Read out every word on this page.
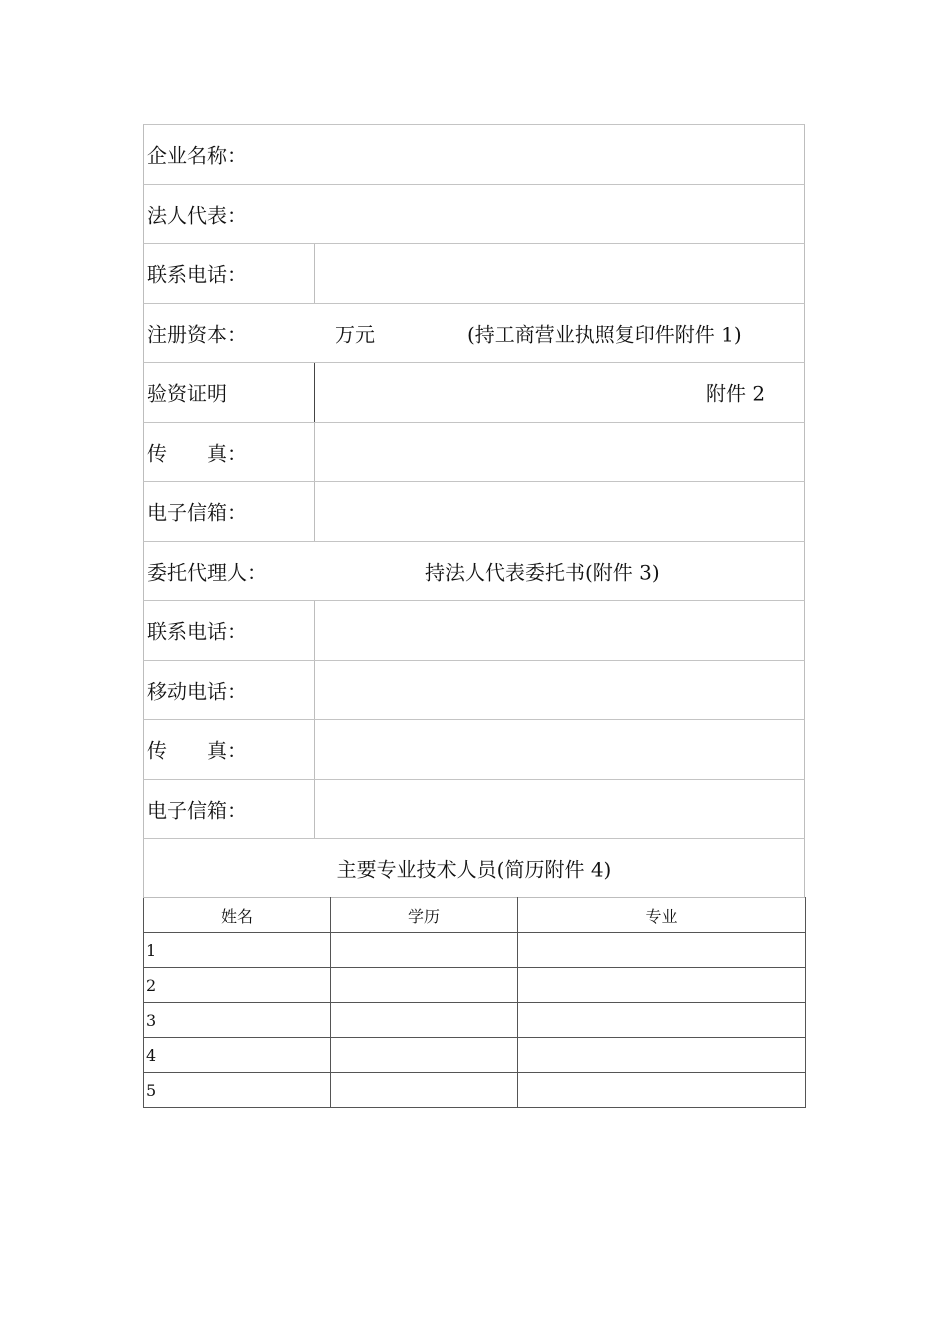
企业名称：
法人代表：
联系电话：
注册资本：	万元	(持工商营业执照复印件附件 1)
验资证明	附件 2
传　　真：
电子信箱：
委托代理人：	持法人代表委托书(附件 3)
联系电话：
移动电话：
传　　真：
电子信箱：
主要专业技术人员(简历附件 4)
姓名	学历	专业
1		
2		
3		
4		
5		
